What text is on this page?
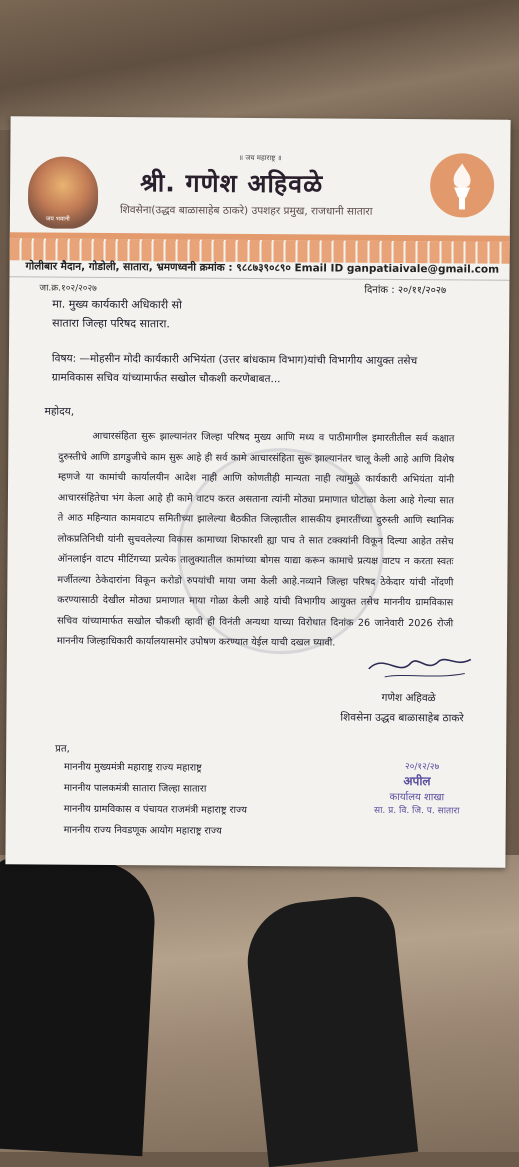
॥ जय महाराष्ट्र ॥
जय भवानी
श्री. गणेश अहिवळे
शिवसेना(उद्धव बाळासाहेब ठाकरे) उपशहर प्रमुख, राजधानी सातारा
गोलीबार मैदान, गोडोली, सातारा, भ्रमणध्वनी क्रमांक : ९८८७३९०८९० Email ID ganpatiaivale@gmail.com
जा.क्र.१०२/२०२७	दिनांक : २०/११/२०२७
मा. मुख्य कार्यकारी अधिकारी सो
सातारा जिल्हा परिषद सातारा.
विषय: —मोहसीन मोदी कार्यकारी अभियंता (उत्तर बांधकाम विभाग)यांची विभागीय आयुक्त तसेच ग्रामविकास सचिव यांच्यामार्फत सखोल चौकशी करणेबाबत...
महोदय,
आचारसंहिता सुरू झाल्यानंतर जिल्हा परिषद मुख्य आणि मध्य व पाठीमागील इमारतीतील सर्व कक्षात दुरुस्तीचे आणि डागडुजीचे काम सुरू आहे ही सर्व कामे आचारसंहिता सुरू झाल्यानंतर चालू केली आहे आणि विशेष म्हणजे या कामांची कार्यालयीन आदेश नाही आणि कोणतीही मान्यता नाही त्यामुळे कार्यकारी अभियंता यांनी आचारसंहितेचा भंग केला आहे ही कामे वाटप करत असताना त्यांनी मोठ्या प्रमाणात घोटाळा केला आहे गेल्या सात ते आठ महिन्यात कामवाटप समितीच्या झालेल्या बैठकीत जिल्हातील शासकीय इमारतींच्या दुरुस्ती आणि स्थानिक लोकप्रतिनिधी यांनी सुचवलेल्या विकास कामाच्या शिफारशी ह्या पाच ते सात टक्क्यांनी विकून दिल्या आहेत तसेच ऑनलाईन वाटप मीटिंगच्या प्रत्येक तालुक्यातील कामांच्या बोगस याद्या करून कामाचे प्रत्यक्ष वाटप न करता स्वतः मर्जीतल्या ठेकेदारांना विकून करोडो रुपयांची माया जमा केली आहे.नव्याने जिल्हा परिषद ठेकेदार यांची नोंदणी करण्यासाठी देखील मोठ्या प्रमाणात माया गोळा केली आहे यांची विभागीय आयुक्त तसेच माननीय ग्रामविकास सचिव यांच्यामार्फत सखोल चौकशी व्हावी ही विनंती अन्यथा याच्या विरोधात दिनांक 26 जानेवारी 2026 रोजी माननीय जिल्हाधिकारी कार्यालयासमोर उपोषण करण्यात येईल याची दखल घ्यावी.
गणेश अहिवळे
शिवसेना उद्धव बाळासाहेब ठाकरे
प्रत,
माननीय मुख्यमंत्री महाराष्ट्र राज्य महाराष्ट्र
माननीय पालकमंत्री सातारा जिल्हा सातारा
माननीय ग्रामविकास व पंचायत राजमंत्री महाराष्ट्र राज्य
माननीय राज्य निवडणूक आयोग महाराष्ट्र राज्य
२०/१२/२७
अपील
कार्यालय शाखा
सा. प्र. वि. जि. प. सातारा
